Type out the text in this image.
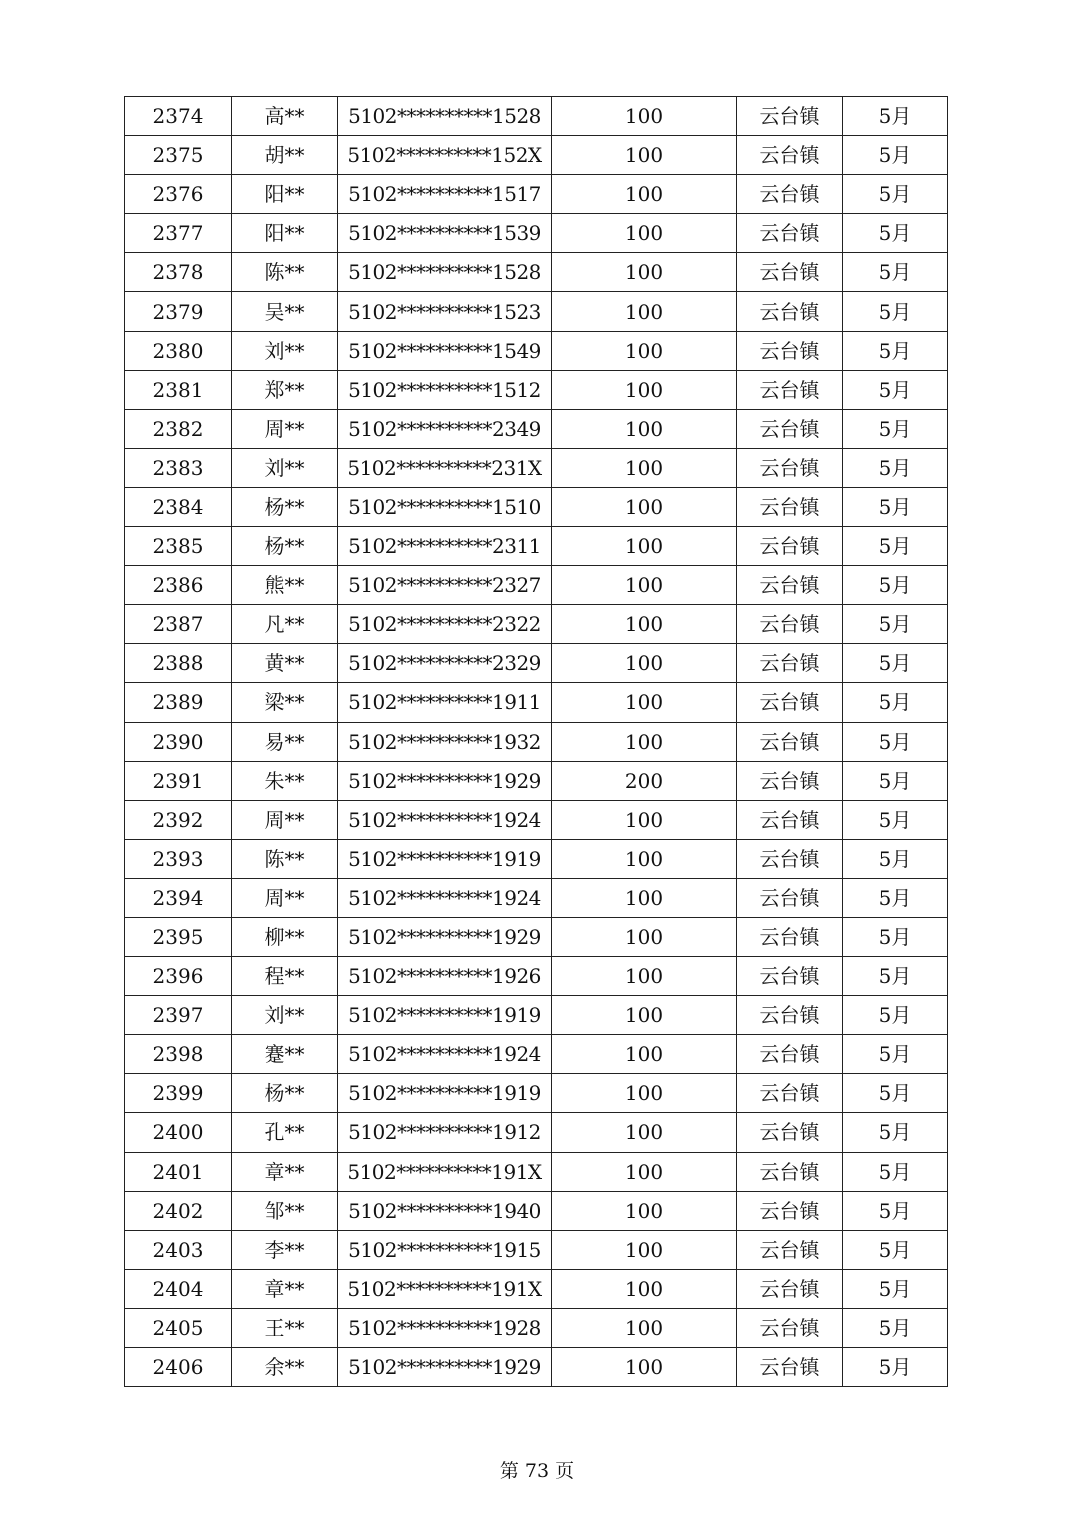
2374	高**	5102**********1528	100	云台镇	5月
2375	胡**	5102**********152X	100	云台镇	5月
2376	阳**	5102**********1517	100	云台镇	5月
2377	阳**	5102**********1539	100	云台镇	5月
2378	陈**	5102**********1528	100	云台镇	5月
2379	吴**	5102**********1523	100	云台镇	5月
2380	刘**	5102**********1549	100	云台镇	5月
2381	郑**	5102**********1512	100	云台镇	5月
2382	周**	5102**********2349	100	云台镇	5月
2383	刘**	5102**********231X	100	云台镇	5月
2384	杨**	5102**********1510	100	云台镇	5月
2385	杨**	5102**********2311	100	云台镇	5月
2386	熊**	5102**********2327	100	云台镇	5月
2387	凡**	5102**********2322	100	云台镇	5月
2388	黄**	5102**********2329	100	云台镇	5月
2389	梁**	5102**********1911	100	云台镇	5月
2390	易**	5102**********1932	100	云台镇	5月
2391	朱**	5102**********1929	200	云台镇	5月
2392	周**	5102**********1924	100	云台镇	5月
2393	陈**	5102**********1919	100	云台镇	5月
2394	周**	5102**********1924	100	云台镇	5月
2395	柳**	5102**********1929	100	云台镇	5月
2396	程**	5102**********1926	100	云台镇	5月
2397	刘**	5102**********1919	100	云台镇	5月
2398	蹇**	5102**********1924	100	云台镇	5月
2399	杨**	5102**********1919	100	云台镇	5月
2400	孔**	5102**********1912	100	云台镇	5月
2401	章**	5102**********191X	100	云台镇	5月
2402	邹**	5102**********1940	100	云台镇	5月
2403	李**	5102**********1915	100	云台镇	5月
2404	章**	5102**********191X	100	云台镇	5月
2405	王**	5102**********1928	100	云台镇	5月
2406	余**	5102**********1929	100	云台镇	5月
第 73 页
